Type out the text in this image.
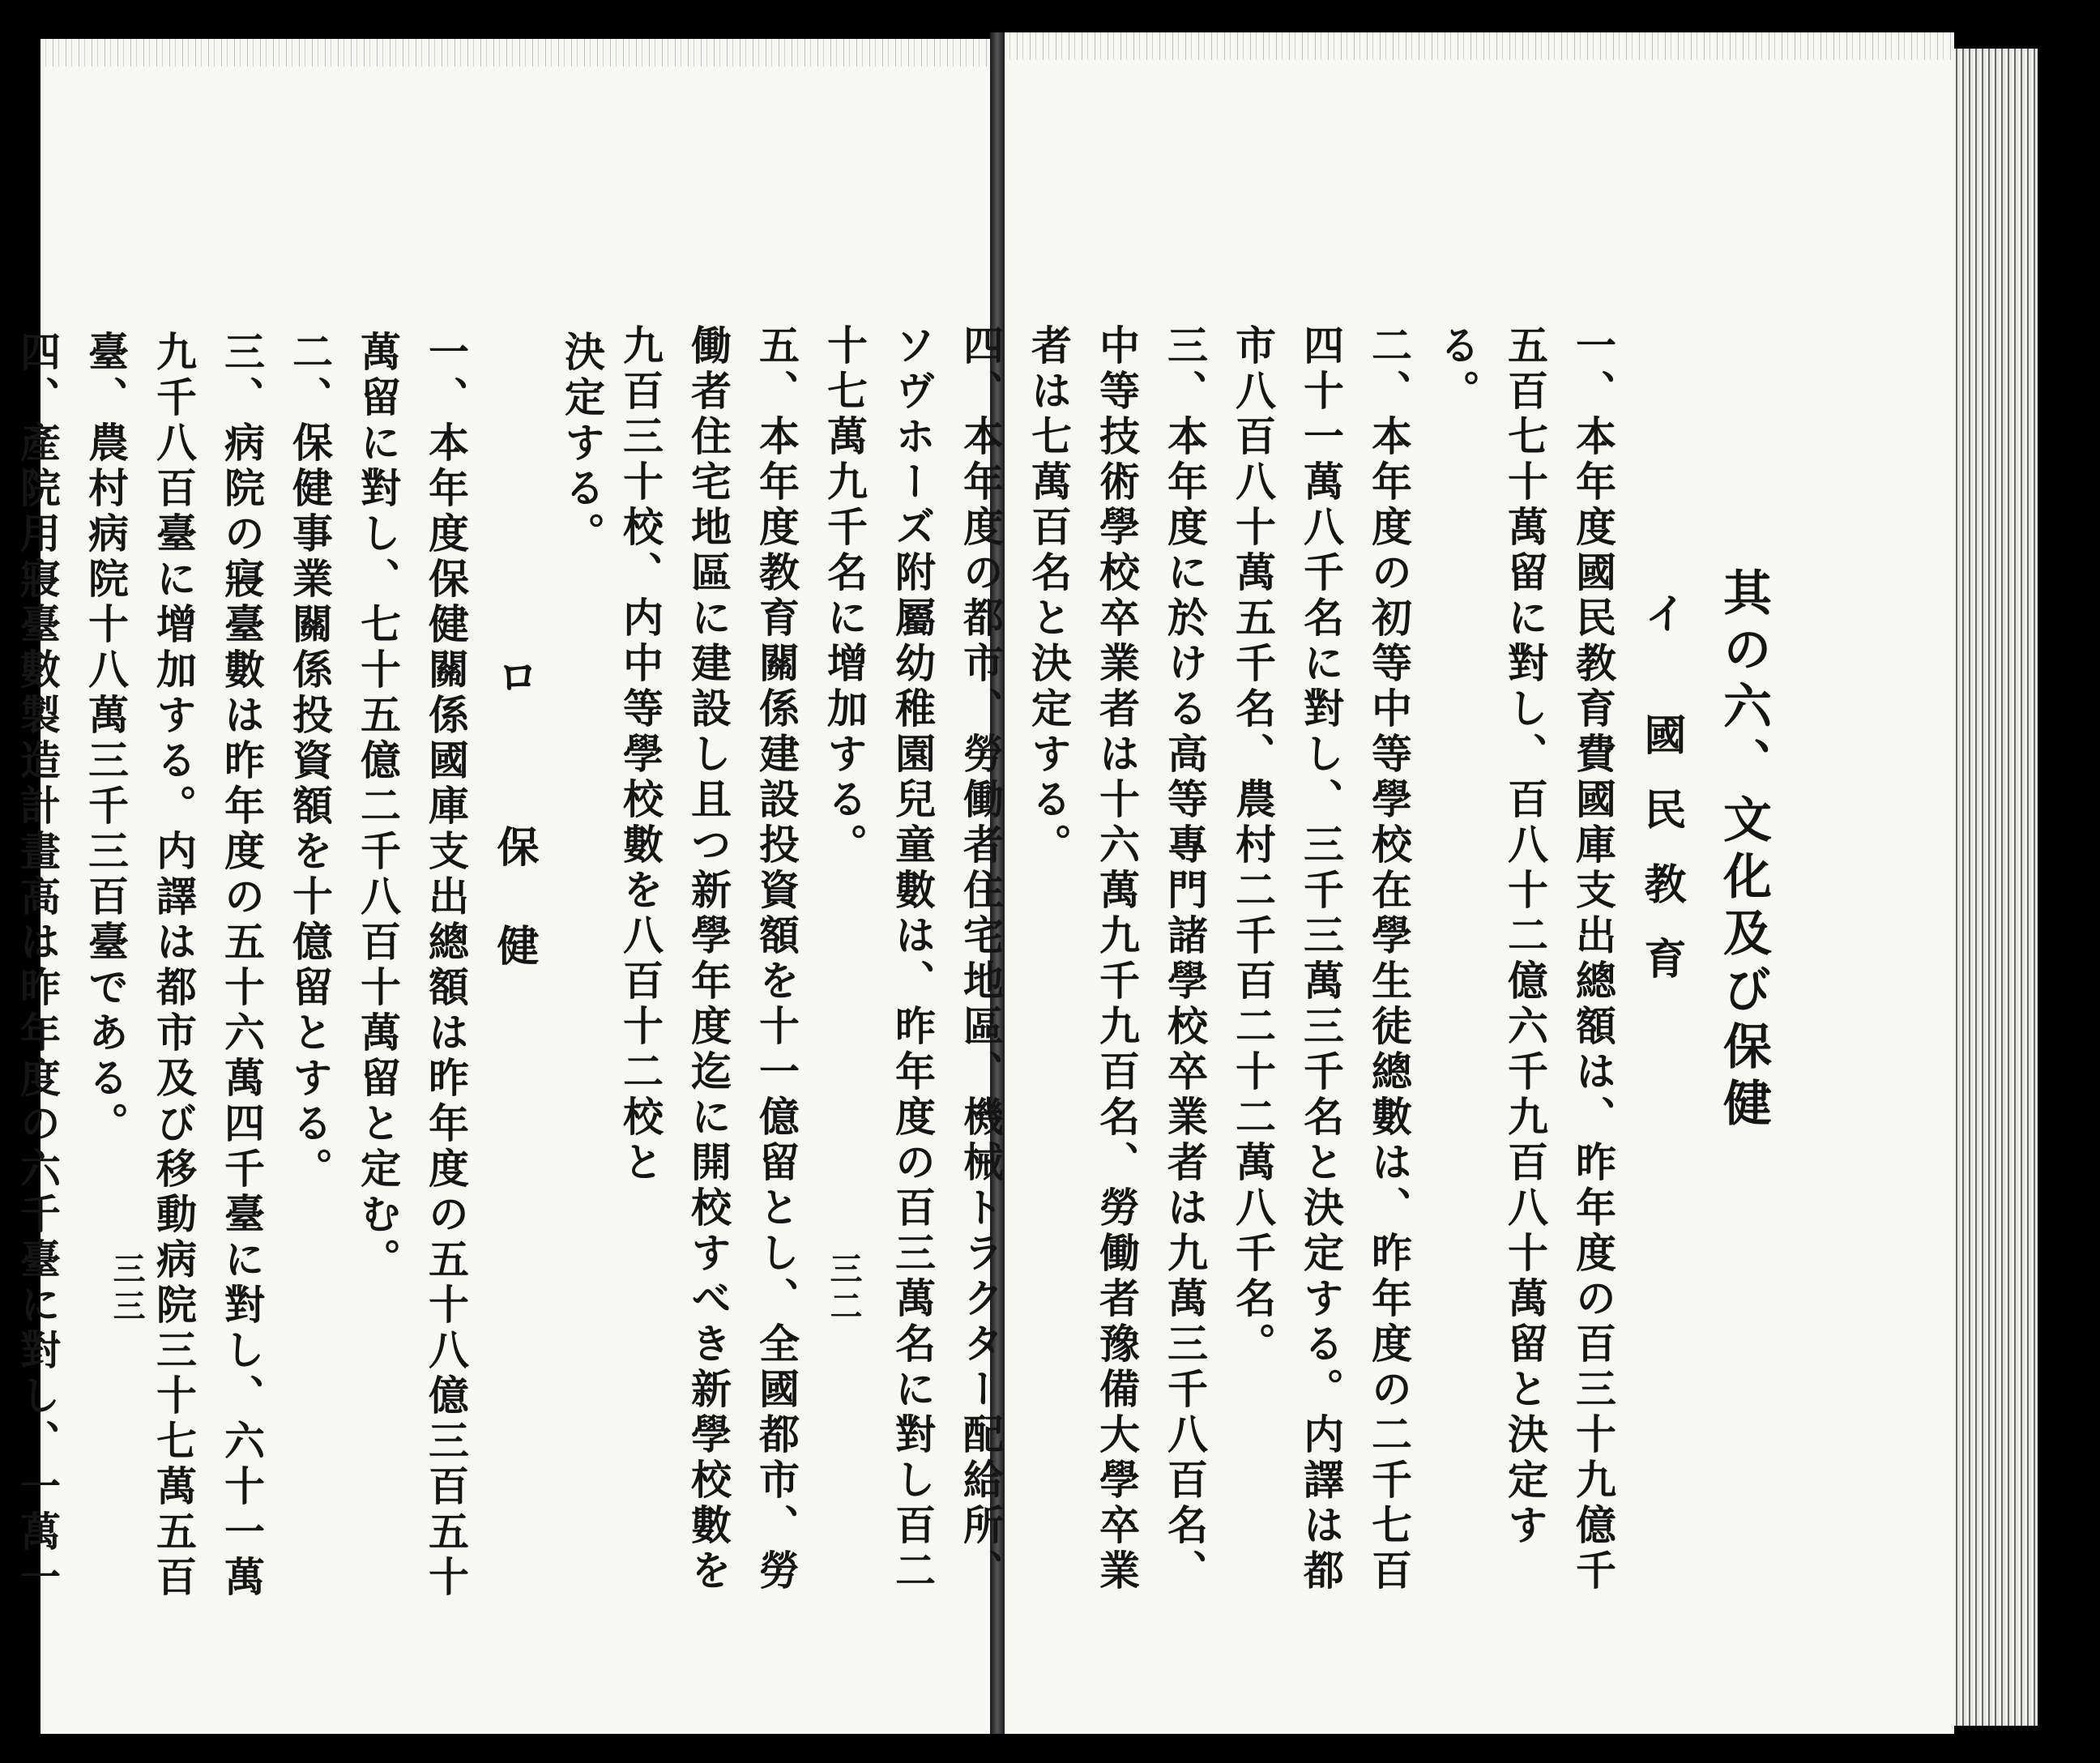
決定する。

ロ 保健

一、本年度保健關係國庫支出總額は昨年度の五十八億三百五十萬留に對し、七十五億二千八百十萬留と定む。

二、保健事業關係投資額を十億留とする。

三、病院の寢臺數は昨年度の五十六萬四千臺に對し、六十一萬九千八百臺に增加する。内譯は都市及び移動病院三十七萬五百臺、農村病院十八萬三千三百臺である。

四、產院用寢臺數製造計畫高は昨年度の六千臺に對し、一萬一

三三

其の六、文化及び保健

イ 國民教育

一、本年度國民教育費國庫支出總額は、昨年度の百三十九億千五百七十萬留に對し、百八十二億六千九百八十萬留と決定する。

二、本年度の初等中等學校在學生徒總數は、昨年度の二千七百四十一萬八千名に對し、三千三萬三千名と決定する。内譯は都市八百八十萬五千名、農村二千百二十二萬八千名。

三、本年度に於ける高等專門諸學校卒業者は九萬三千八百名、中等技術學校卒業者は十六萬九千九百名、勞働者豫備大學卒業者は七萬百名と決定する。

四、本年度の都市、勞働者住宅地區、機械トラクター配給所、ソヴホーズ附屬幼稚園兒童數は、昨年度の百三萬名に對し百二十七萬九千名に增加する。

五、本年度教育關係建設投資額を十一億留とし、全國都市、勞働者住宅地區に建設し且つ新學年度迄に開校すべき新學校數を九百三十校、内中等學校數を八百十二校と

三二
